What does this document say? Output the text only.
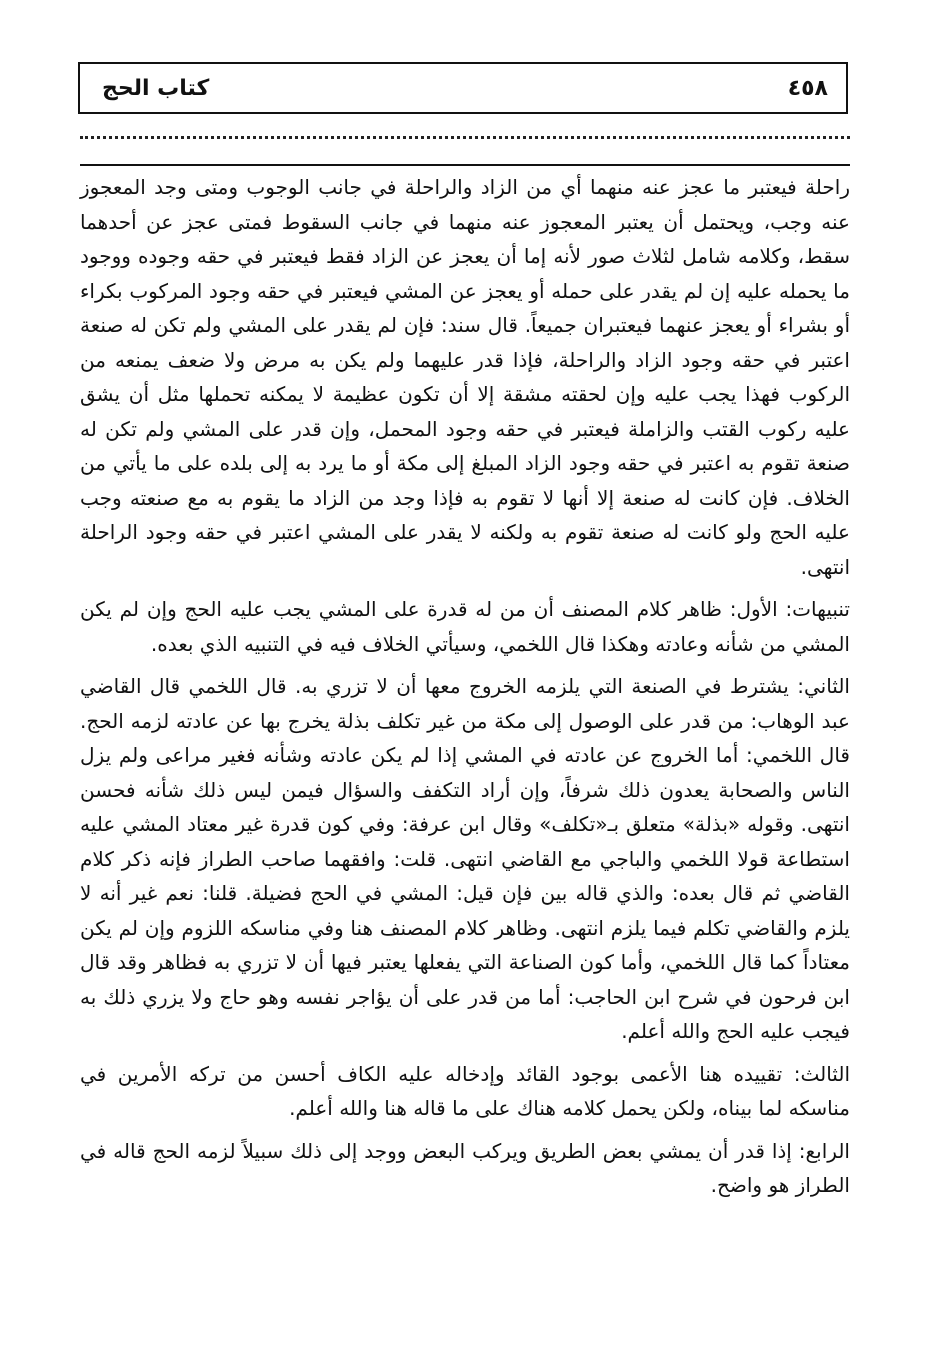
٤٥٨
كتاب الحج

راحلة فيعتبر ما عجز عنه منهما أي من الزاد والراحلة في جانب الوجوب ومتى وجد المعجوز عنه وجب، ويحتمل أن يعتبر المعجوز عنه منهما في جانب السقوط فمتى عجز عن أحدهما سقط، وكلامه شامل لثلاث صور لأنه إما أن يعجز عن الزاد فقط فيعتبر في حقه وجوده ووجود ما يحمله عليه إن لم يقدر على حمله أو يعجز عن المشي فيعتبر في حقه وجود المركوب بكراء أو بشراء أو يعجز عنهما فيعتبران جميعاً. قال سند: فإن لم يقدر على المشي ولم تكن له صنعة اعتبر في حقه وجود الزاد والراحلة، فإذا قدر عليهما ولم يكن به مرض ولا ضعف يمنعه من الركوب فهذا يجب عليه وإن لحقته مشقة إلا أن تكون عظيمة لا يمكنه تحملها مثل أن يشق عليه ركوب القتب والزاملة فيعتبر في حقه وجود المحمل، وإن قدر على المشي ولم تكن له صنعة تقوم به اعتبر في حقه وجود الزاد المبلغ إلى مكة أو ما يرد به إلى بلده على ما يأتي من الخلاف. فإن كانت له صنعة إلا أنها لا تقوم به فإذا وجد من الزاد ما يقوم به مع صنعته وجب عليه الحج ولو كانت له صنعة تقوم به ولكنه لا يقدر على المشي اعتبر في حقه وجود الراحلة انتهى.

تنبيهات: الأول: ظاهر كلام المصنف أن من له قدرة على المشي يجب عليه الحج وإن لم يكن المشي من شأنه وعادته وهكذا قال اللخمي، وسيأتي الخلاف فيه في التنبيه الذي بعده.

الثاني: يشترط في الصنعة التي يلزمه الخروج معها أن لا تزري به. قال اللخمي قال القاضي عبد الوهاب: من قدر على الوصول إلى مكة من غير تكلف بذلة يخرج بها عن عادته لزمه الحج. قال اللخمي: أما الخروج عن عادته في المشي إذا لم يكن عادته وشأنه فغير مراعى ولم يزل الناس والصحابة يعدون ذلك شرفاً، وإن أراد التكفف والسؤال فيمن ليس ذلك شأنه فحسن انتهى. وقوله «بذلة» متعلق بـ«تكلف» وقال ابن عرفة: وفي كون قدرة غير معتاد المشي عليه استطاعة قولا اللخمي والباجي مع القاضي انتهى. قلت: وافقهما صاحب الطراز فإنه ذكر كلام القاضي ثم قال بعده: والذي قاله بين فإن قيل: المشي في الحج فضيلة. قلنا: نعم غير أنه لا يلزم والقاضي تكلم فيما يلزم انتهى. وظاهر كلام المصنف هنا وفي مناسكه اللزوم وإن لم يكن معتاداً كما قال اللخمي، وأما كون الصناعة التي يفعلها يعتبر فيها أن لا تزري به فظاهر وقد قال ابن فرحون في شرح ابن الحاجب: أما من قدر على أن يؤاجر نفسه وهو حاج ولا يزري ذلك به فيجب عليه الحج والله أعلم.

الثالث: تقييده هنا الأعمى بوجود القائد وإدخاله عليه الكاف أحسن من تركه الأمرين في مناسكه لما بيناه، ولكن يحمل كلامه هناك على ما قاله هنا والله أعلم.

الرابع: إذا قدر أن يمشي بعض الطريق ويركب البعض ووجد إلى ذلك سبيلاً لزمه الحج قاله في الطراز هو واضح.
